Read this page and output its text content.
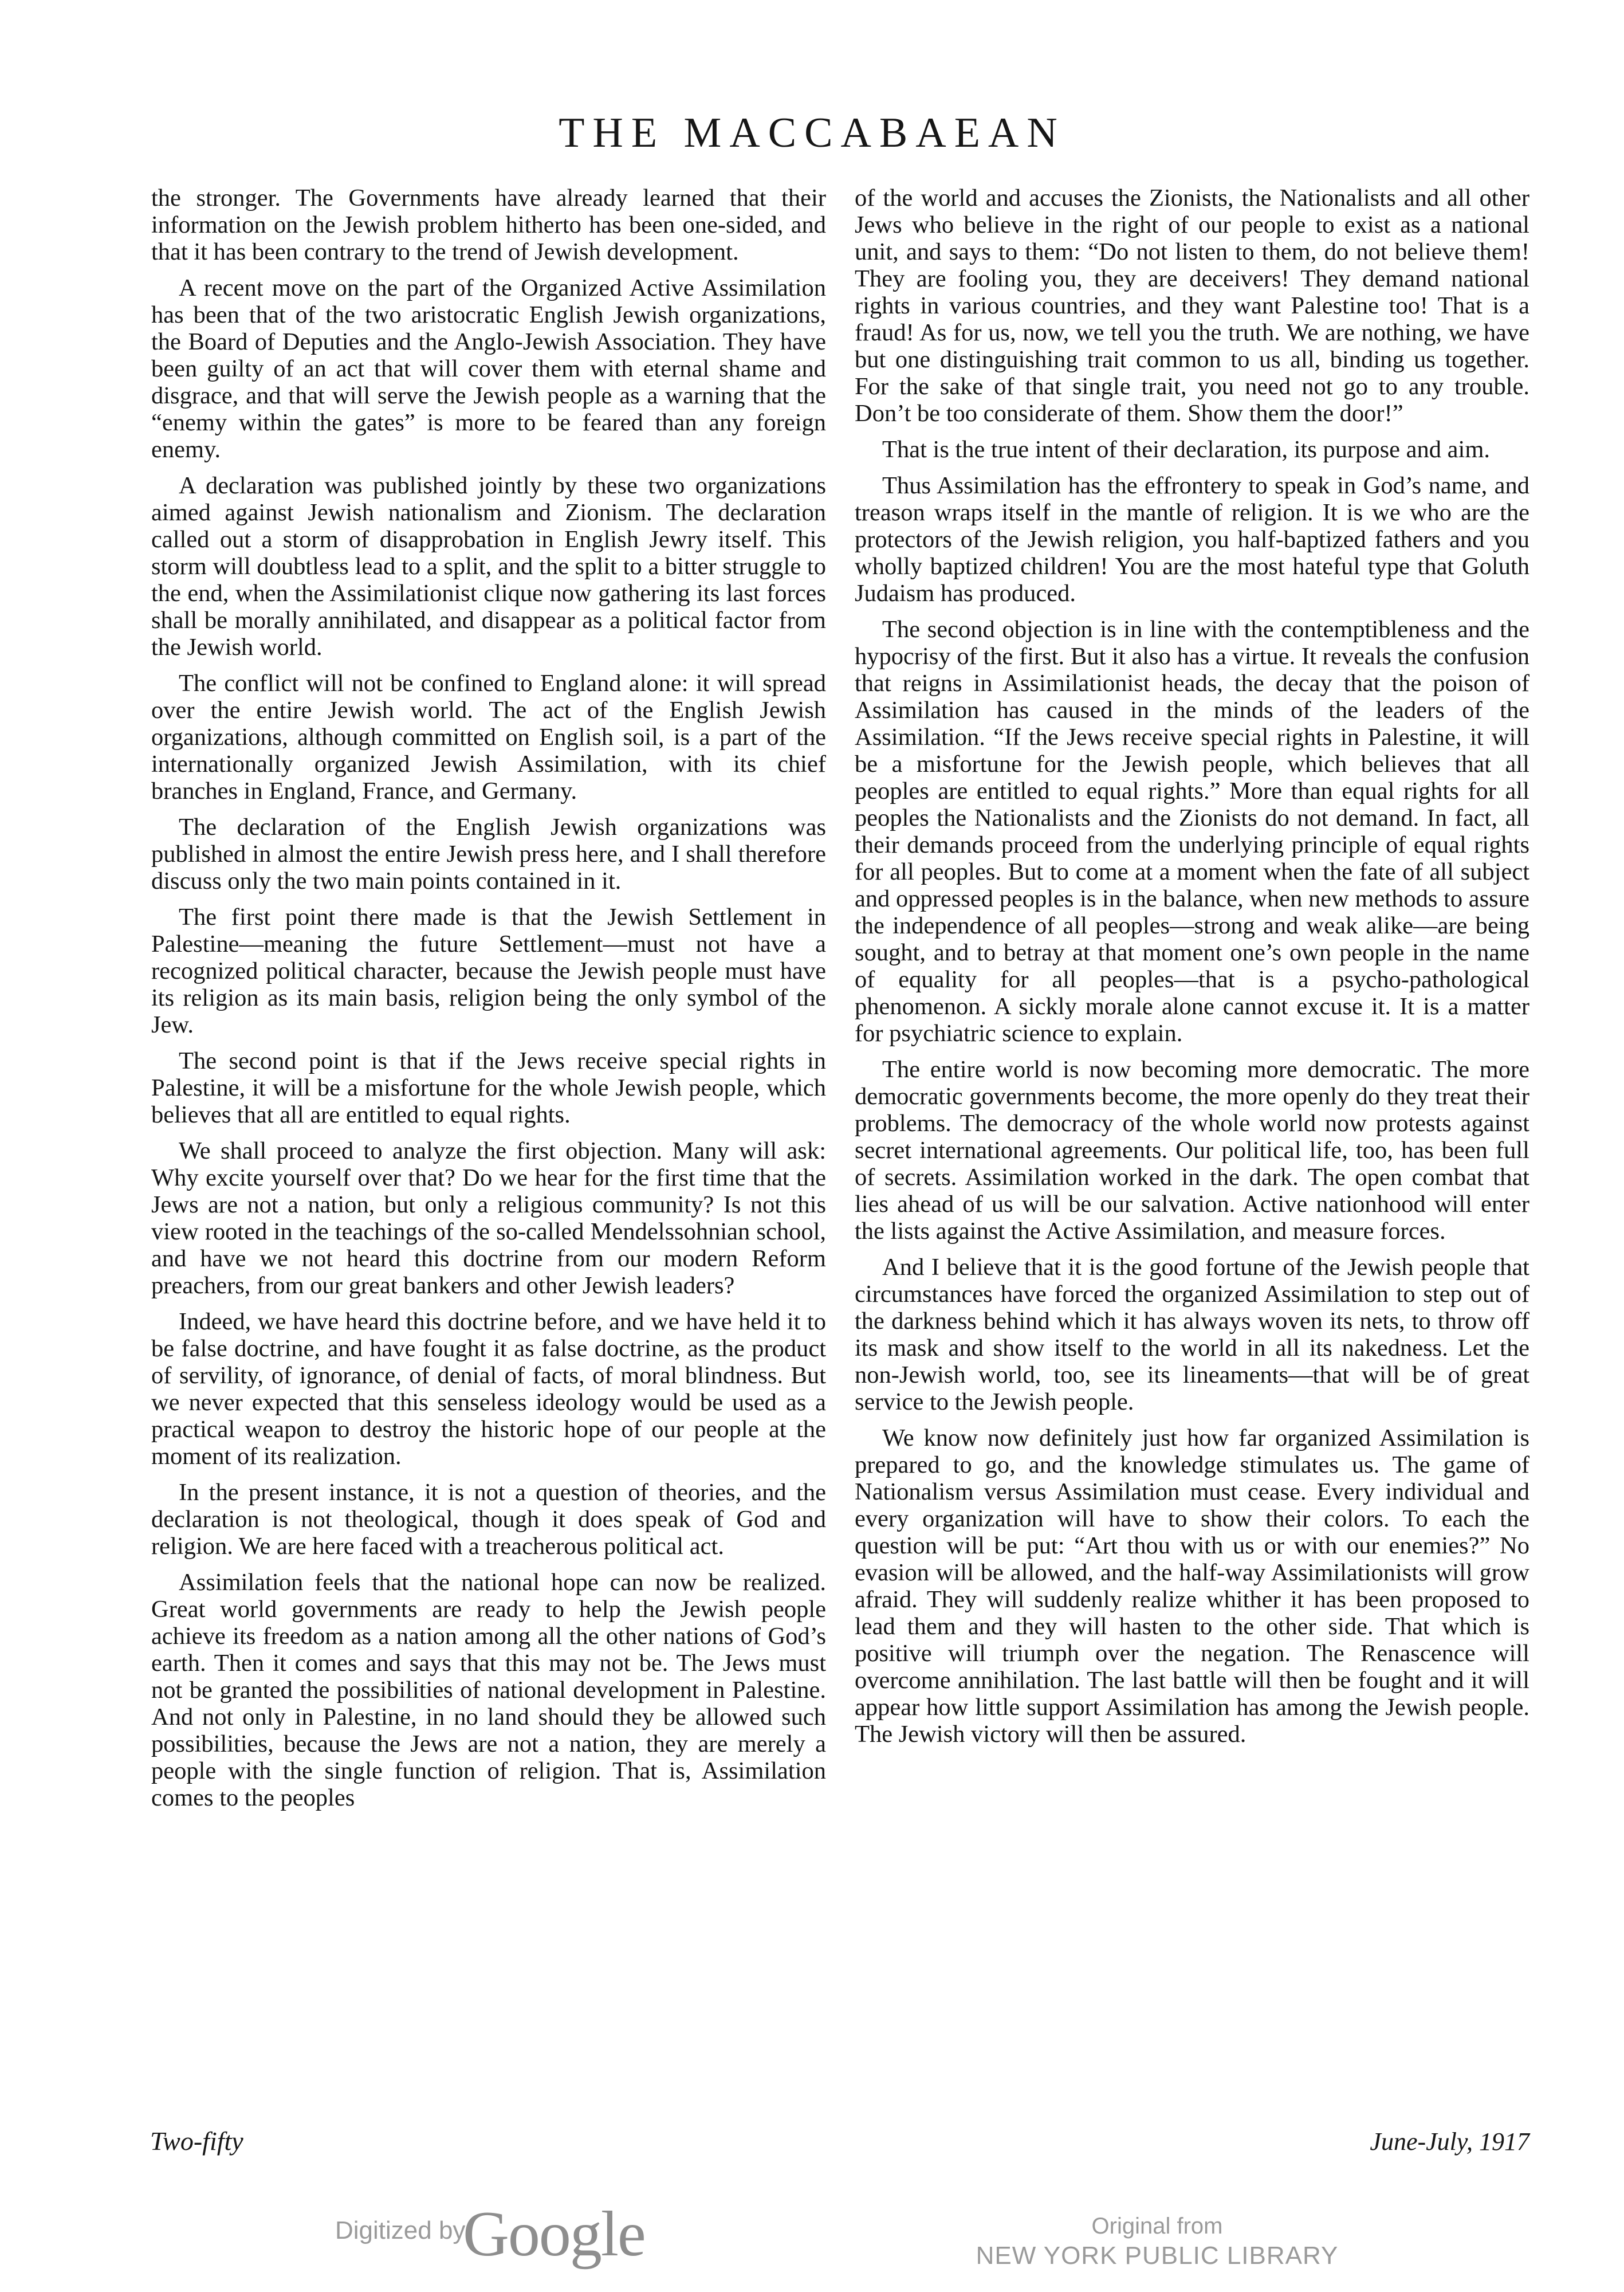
THE MACCABAEAN

the stronger. The Governments have already learned that their information on the Jewish problem hitherto has been one-sided, and that it has been contrary to the trend of Jewish development.

A recent move on the part of the Organized Active Assimilation has been that of the two aristocratic English Jewish organizations, the Board of Deputies and the Anglo-Jewish Association. They have been guilty of an act that will cover them with eternal shame and disgrace, and that will serve the Jewish people as a warning that the “enemy within the gates” is more to be feared than any foreign enemy.

A declaration was published jointly by these two organizations aimed against Jewish nationalism and Zionism. The declaration called out a storm of disapprobation in English Jewry itself. This storm will doubtless lead to a split, and the split to a bitter struggle to the end, when the Assimilationist clique now gathering its last forces shall be morally annihilated, and disappear as a political factor from the Jewish world.

The conflict will not be confined to England alone: it will spread over the entire Jewish world. The act of the English Jewish organizations, although committed on English soil, is a part of the internationally organized Jewish Assimilation, with its chief branches in England, France, and Germany.

The declaration of the English Jewish organizations was published in almost the entire Jewish press here, and I shall therefore discuss only the two main points contained in it.

The first point there made is that the Jewish Settlement in Palestine—meaning the future Settlement—must not have a recognized political character, because the Jewish people must have its religion as its main basis, religion being the only symbol of the Jew.

The second point is that if the Jews receive special rights in Palestine, it will be a misfortune for the whole Jewish people, which believes that all are entitled to equal rights.

We shall proceed to analyze the first objection. Many will ask: Why excite yourself over that? Do we hear for the first time that the Jews are not a nation, but only a religious community? Is not this view rooted in the teachings of the so-called Mendelssohnian school, and have we not heard this doctrine from our modern Reform preachers, from our great bankers and other Jewish leaders?

Indeed, we have heard this doctrine before, and we have held it to be false doctrine, and have fought it as false doctrine, as the product of servility, of ignorance, of denial of facts, of moral blindness. But we never expected that this senseless ideology would be used as a practical weapon to destroy the historic hope of our people at the moment of its realization.

In the present instance, it is not a question of theories, and the declaration is not theological, though it does speak of God and religion. We are here faced with a treacherous political act.

Assimilation feels that the national hope can now be realized. Great world governments are ready to help the Jewish people achieve its freedom as a nation among all the other nations of God’s earth. Then it comes and says that this may not be. The Jews must not be granted the possibilities of national development in Palestine. And not only in Palestine, in no land should they be allowed such possibilities, because the Jews are not a nation, they are merely a people with the single function of religion. That is, Assimilation comes to the peoples

of the world and accuses the Zionists, the Nationalists and all other Jews who believe in the right of our people to exist as a national unit, and says to them: “Do not listen to them, do not believe them! They are fooling you, they are deceivers! They demand national rights in various countries, and they want Palestine too! That is a fraud! As for us, now, we tell you the truth. We are nothing, we have but one distinguishing trait common to us all, binding us together. For the sake of that single trait, you need not go to any trouble. Don’t be too considerate of them. Show them the door!”

That is the true intent of their declaration, its purpose and aim.

Thus Assimilation has the effrontery to speak in God’s name, and treason wraps itself in the mantle of religion. It is we who are the protectors of the Jewish religion, you half-baptized fathers and you wholly baptized children! You are the most hateful type that Goluth Judaism has produced.

The second objection is in line with the contemptibleness and the hypocrisy of the first. But it also has a virtue. It reveals the confusion that reigns in Assimilationist heads, the decay that the poison of Assimilation has caused in the minds of the leaders of the Assimilation. “If the Jews receive special rights in Palestine, it will be a misfortune for the Jewish people, which believes that all peoples are entitled to equal rights.” More than equal rights for all peoples the Nationalists and the Zionists do not demand. In fact, all their demands proceed from the underlying principle of equal rights for all peoples. But to come at a moment when the fate of all subject and oppressed peoples is in the balance, when new methods to assure the independence of all peoples—strong and weak alike—are being sought, and to betray at that moment one’s own people in the name of equality for all peoples—that is a psycho-pathological phenomenon. A sickly morale alone cannot excuse it. It is a matter for psychiatric science to explain.

The entire world is now becoming more democratic. The more democratic governments become, the more openly do they treat their problems. The democracy of the whole world now protests against secret international agreements. Our political life, too, has been full of secrets. Assimilation worked in the dark. The open combat that lies ahead of us will be our salvation. Active nationhood will enter the lists against the Active Assimilation, and measure forces.

And I believe that it is the good fortune of the Jewish people that circumstances have forced the organized Assimilation to step out of the darkness behind which it has always woven its nets, to throw off its mask and show itself to the world in all its nakedness. Let the non-Jewish world, too, see its lineaments—that will be of great service to the Jewish people.

We know now definitely just how far organized Assimilation is prepared to go, and the knowledge stimulates us. The game of Nationalism versus Assimilation must cease. Every individual and every organization will have to show their colors. To each the question will be put: “Art thou with us or with our enemies?” No evasion will be allowed, and the half-way Assimilationists will grow afraid. They will suddenly realize whither it has been proposed to lead them and they will hasten to the other side. That which is positive will triumph over the negation. The Renascence will overcome annihilation. The last battle will then be fought and it will appear how little support Assimilation has among the Jewish people. The Jewish victory will then be assured.

Two-fifty	June-July, 1917
Digitized by
Google	Original from
NEW YORK PUBLIC LIBRARY
